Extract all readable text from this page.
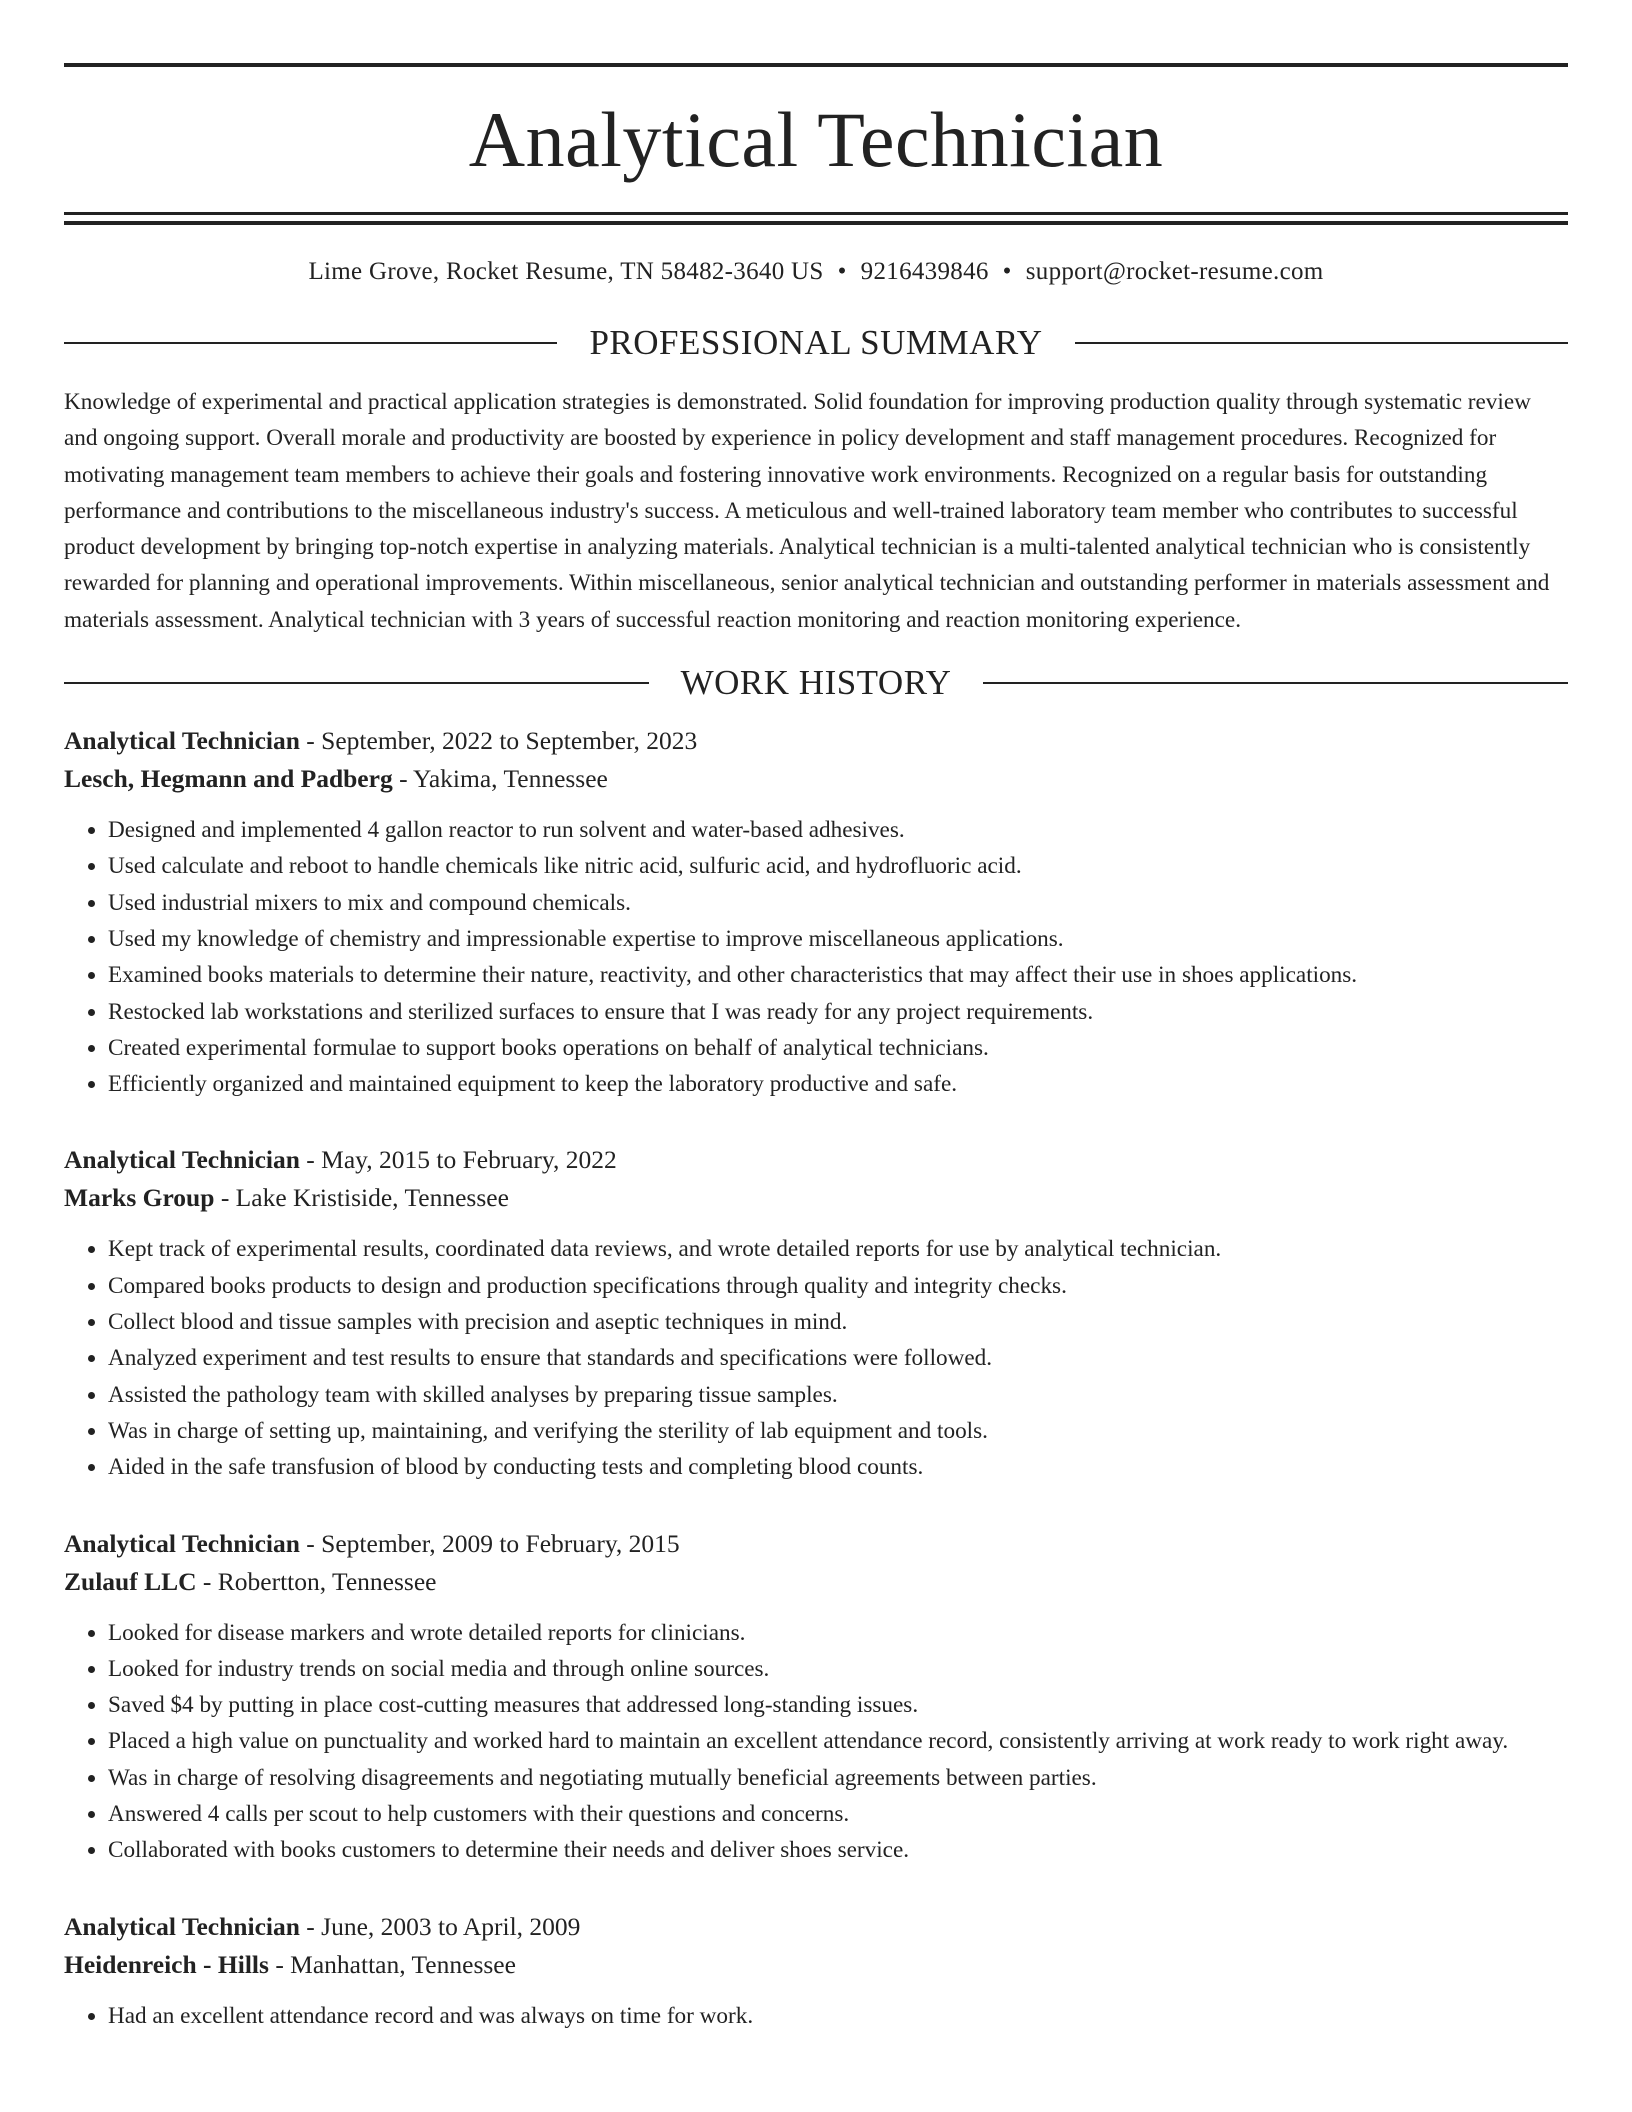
Analytical Technician
Lime Grove, Rocket Resume, TN 58482-3640 US • 9216439846 • support@rocket-resume.com
PROFESSIONAL SUMMARY
Knowledge of experimental and practical application strategies is demonstrated. Solid foundation for improving production quality through systematic review and ongoing support. Overall morale and productivity are boosted by experience in policy development and staff management procedures. Recognized for motivating management team members to achieve their goals and fostering innovative work environments. Recognized on a regular basis for outstanding performance and contributions to the miscellaneous industry's success. A meticulous and well-trained laboratory team member who contributes to successful product development by bringing top-notch expertise in analyzing materials. Analytical technician is a multi-talented analytical technician who is consistently rewarded for planning and operational improvements. Within miscellaneous, senior analytical technician and outstanding performer in materials assessment and materials assessment. Analytical technician with 3 years of successful reaction monitoring and reaction monitoring experience.
WORK HISTORY
Analytical Technician - September, 2022 to September, 2023
Lesch, Hegmann and Padberg - Yakima, Tennessee
• Designed and implemented 4 gallon reactor to run solvent and water-based adhesives.
• Used calculate and reboot to handle chemicals like nitric acid, sulfuric acid, and hydrofluoric acid.
• Used industrial mixers to mix and compound chemicals.
• Used my knowledge of chemistry and impressionable expertise to improve miscellaneous applications.
• Examined books materials to determine their nature, reactivity, and other characteristics that may affect their use in shoes applications.
• Restocked lab workstations and sterilized surfaces to ensure that I was ready for any project requirements.
• Created experimental formulae to support books operations on behalf of analytical technicians.
• Efficiently organized and maintained equipment to keep the laboratory productive and safe.
Analytical Technician - May, 2015 to February, 2022
Marks Group - Lake Kristiside, Tennessee
• Kept track of experimental results, coordinated data reviews, and wrote detailed reports for use by analytical technician.
• Compared books products to design and production specifications through quality and integrity checks.
• Collect blood and tissue samples with precision and aseptic techniques in mind.
• Analyzed experiment and test results to ensure that standards and specifications were followed.
• Assisted the pathology team with skilled analyses by preparing tissue samples.
• Was in charge of setting up, maintaining, and verifying the sterility of lab equipment and tools.
• Aided in the safe transfusion of blood by conducting tests and completing blood counts.
Analytical Technician - September, 2009 to February, 2015
Zulauf LLC - Robertton, Tennessee
• Looked for disease markers and wrote detailed reports for clinicians.
• Looked for industry trends on social media and through online sources.
• Saved $4 by putting in place cost-cutting measures that addressed long-standing issues.
• Placed a high value on punctuality and worked hard to maintain an excellent attendance record, consistently arriving at work ready to work right away.
• Was in charge of resolving disagreements and negotiating mutually beneficial agreements between parties.
• Answered 4 calls per scout to help customers with their questions and concerns.
• Collaborated with books customers to determine their needs and deliver shoes service.
Analytical Technician - June, 2003 to April, 2009
Heidenreich - Hills - Manhattan, Tennessee
• Had an excellent attendance record and was always on time for work.
